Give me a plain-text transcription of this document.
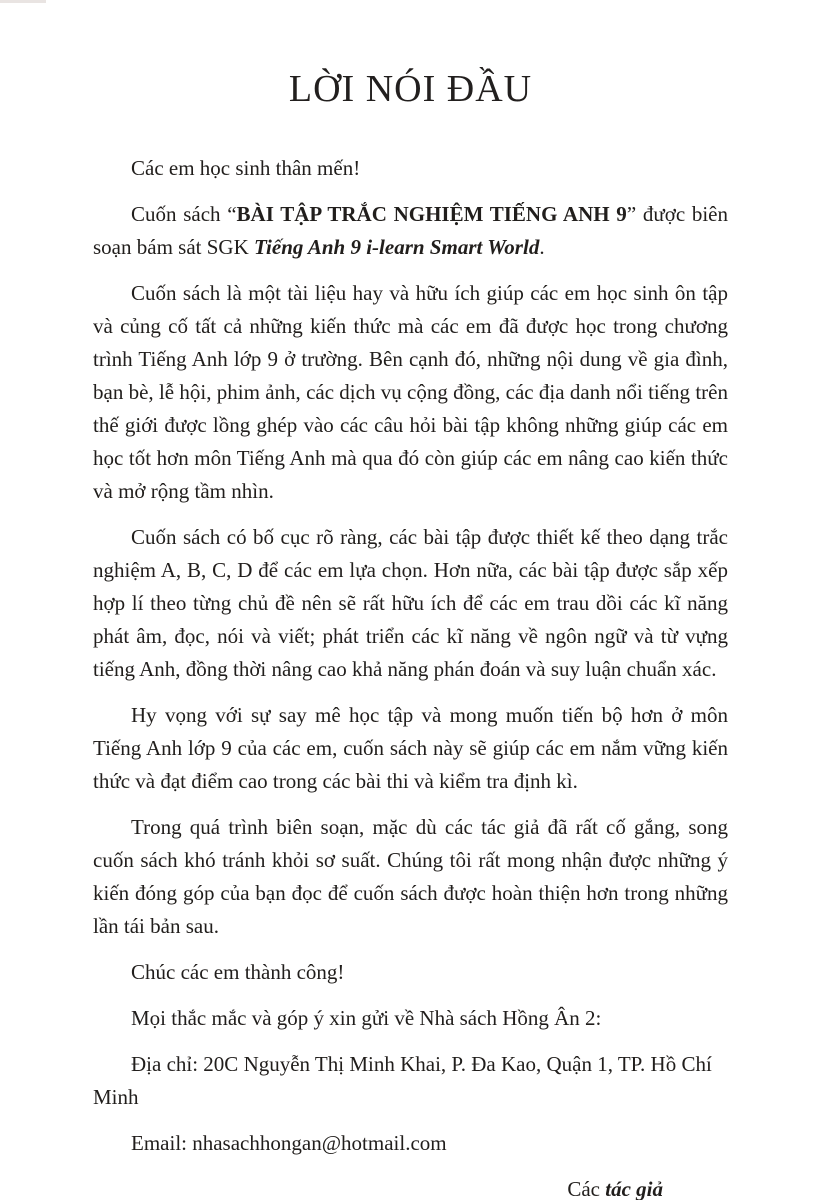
LỜI NÓI ĐẦU

Các em học sinh thân mến!

Cuốn sách “BÀI TẬP TRẮC NGHIỆM TIẾNG ANH 9” được biên soạn bám sát SGK Tiếng Anh 9 i-learn Smart World.

Cuốn sách là một tài liệu hay và hữu ích giúp các em học sinh ôn tập và củng cố tất cả những kiến thức mà các em đã được học trong chương trình Tiếng Anh lớp 9 ở trường. Bên cạnh đó, những nội dung về gia đình, bạn bè, lễ hội, phim ảnh, các dịch vụ cộng đồng, các địa danh nổi tiếng trên thế giới được lồng ghép vào các câu hỏi bài tập không những giúp các em học tốt hơn môn Tiếng Anh mà qua đó còn giúp các em nâng cao kiến thức và mở rộng tầm nhìn.

Cuốn sách có bố cục rõ ràng, các bài tập được thiết kế theo dạng trắc nghiệm A, B, C, D để các em lựa chọn. Hơn nữa, các bài tập được sắp xếp hợp lí theo từng chủ đề nên sẽ rất hữu ích để các em trau dồi các kĩ năng phát âm, đọc, nói và viết; phát triển các kĩ năng về ngôn ngữ và từ vựng tiếng Anh, đồng thời nâng cao khả năng phán đoán và suy luận chuẩn xác.

Hy vọng với sự say mê học tập và mong muốn tiến bộ hơn ở môn Tiếng Anh lớp 9 của các em, cuốn sách này sẽ giúp các em nắm vững kiến thức và đạt điểm cao trong các bài thi và kiểm tra định kì.

Trong quá trình biên soạn, mặc dù các tác giả đã rất cố gắng, song cuốn sách khó tránh khỏi sơ suất. Chúng tôi rất mong nhận được những ý kiến đóng góp của bạn đọc để cuốn sách được hoàn thiện hơn trong những lần tái bản sau.

Chúc các em thành công!

Mọi thắc mắc và góp ý xin gửi về Nhà sách Hồng Ân 2:

Địa chỉ: 20C Nguyễn Thị Minh Khai, P. Đa Kao, Quận 1, TP. Hồ Chí Minh

Email: nhasachhongan@hotmail.com

Các tác giả
